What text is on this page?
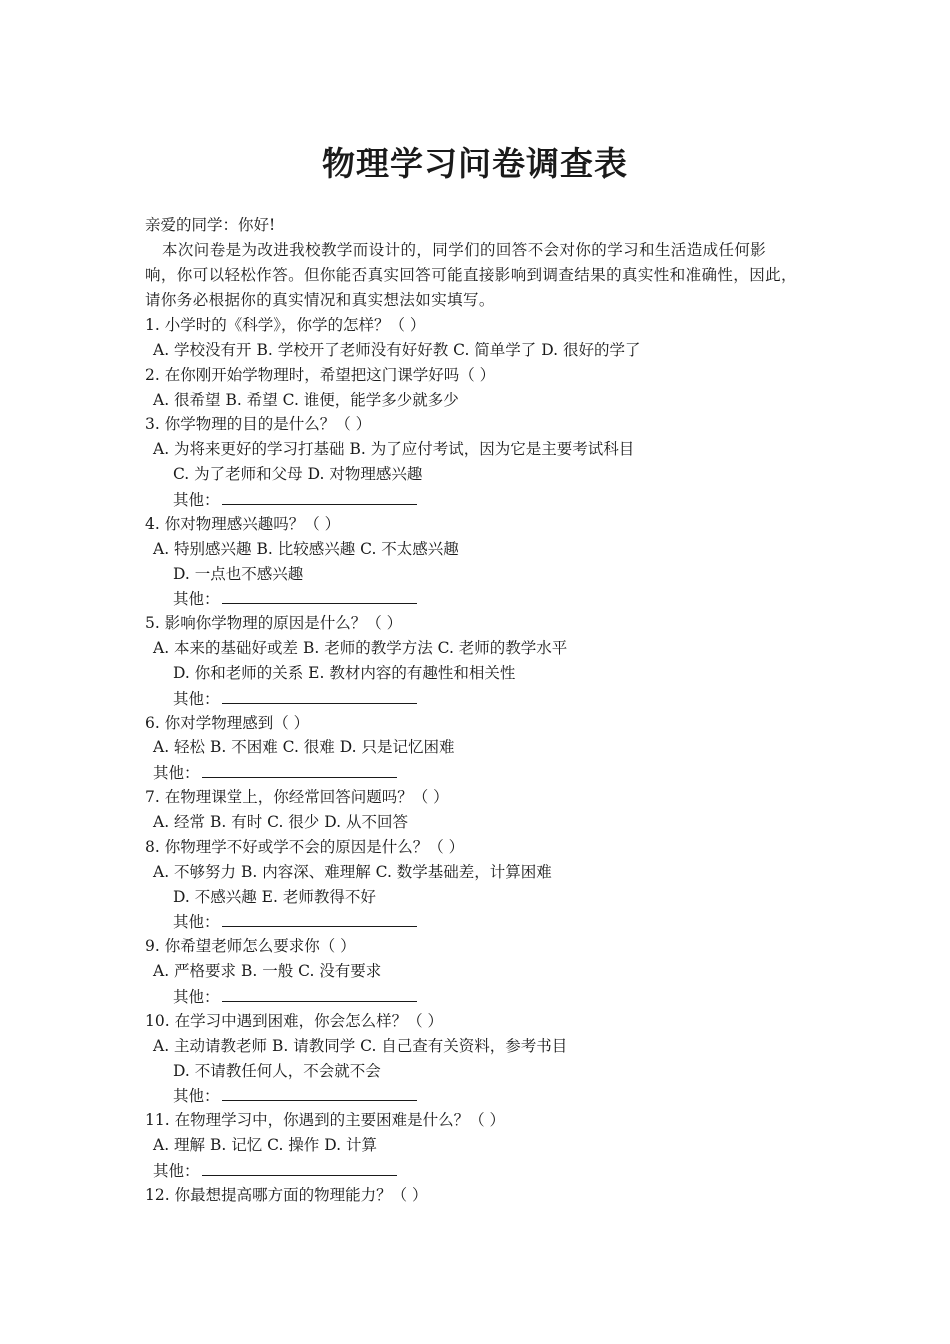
物理学习问卷调查表
亲爱的同学：你好!
本次问卷是为改进我校教学而设计的，同学们的回答不会对你的学习和生活造成任何影
响，你可以轻松作答。但你能否真实回答可能直接影响到调查结果的真实性和准确性，因此，
请你务必根据你的真实情况和真实想法如实填写。
1. 小学时的《科学》，你学的怎样？（ ）
A. 学校没有开 B. 学校开了老师没有好好教 C. 简单学了 D. 很好的学了
2. 在你刚开始学物理时，希望把这门课学好吗（ ）
A. 很希望 B. 希望 C. 谁便，能学多少就多少
3. 你学物理的目的是什么？（ ）
A. 为将来更好的学习打基础 B. 为了应付考试，因为它是主要考试科目
C. 为了老师和父母 D. 对物理感兴趣
其他：
4. 你对物理感兴趣吗？（ ）
A. 特别感兴趣 B. 比较感兴趣 C. 不太感兴趣
D. 一点也不感兴趣
其他：
5. 影响你学物理的原因是什么？（ ）
A. 本来的基础好或差 B. 老师的教学方法 C. 老师的教学水平
D. 你和老师的关系 E. 教材内容的有趣性和相关性
其他：
6. 你对学物理感到（ ）
A. 轻松 B. 不困难 C. 很难 D. 只是记忆困难
其他：
7. 在物理课堂上，你经常回答问题吗？（ ）
A. 经常 B. 有时 C. 很少 D. 从不回答
8. 你物理学不好或学不会的原因是什么？（ ）
A. 不够努力 B. 内容深、难理解 C. 数学基础差，计算困难
D. 不感兴趣 E. 老师教得不好
其他：
9. 你希望老师怎么要求你（ ）
A. 严格要求 B. 一般 C. 没有要求
其他：
10. 在学习中遇到困难，你会怎么样？（ ）
A. 主动请教老师 B. 请教同学 C. 自己查有关资料，参考书目
D. 不请教任何人，不会就不会
其他：
11. 在物理学习中，你遇到的主要困难是什么？（ ）
A. 理解 B. 记忆 C. 操作 D. 计算
其他：
12. 你最想提高哪方面的物理能力？（ ）
